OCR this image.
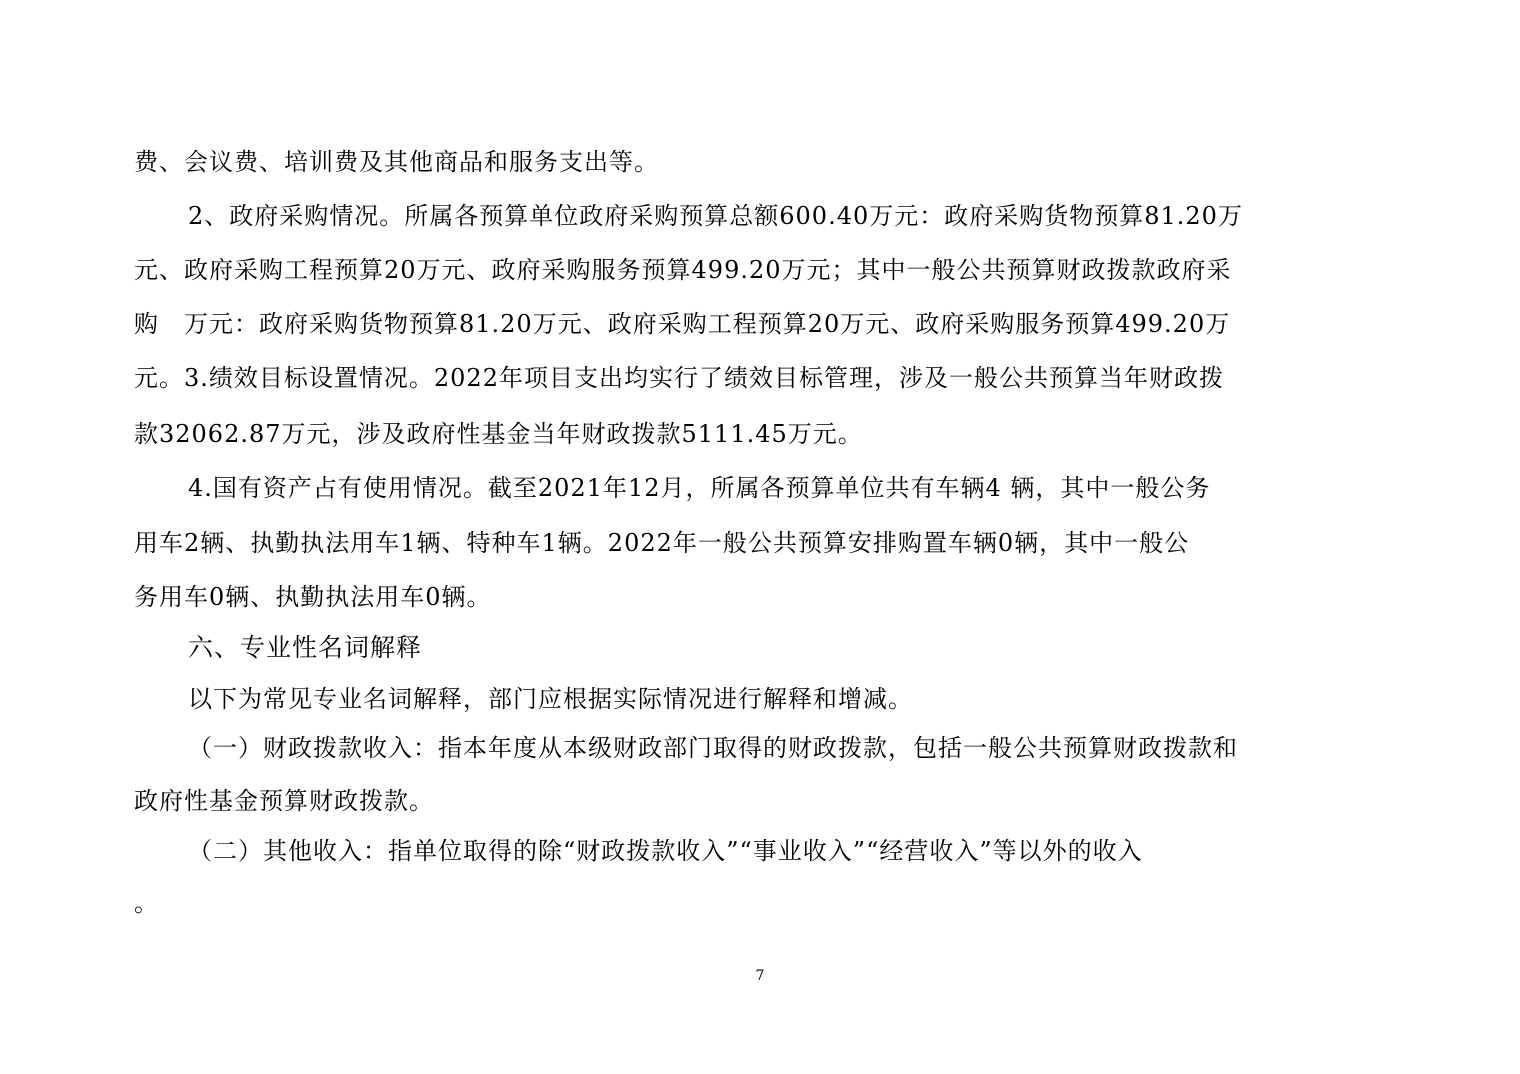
费、会议费、培训费及其他商品和服务支出等。
2、政府采购情况。所属各预算单位政府采购预算总额600.40万元：政府采购货物预算81.20万
元、政府采购工程预算20万元、政府采购服务预算499.20万元；其中一般公共预算财政拨款政府采
购　万元：政府采购货物预算81.20万元、政府采购工程预算20万元、政府采购服务预算499.20万
元。3.绩效目标设置情况。2022年项目支出均实行了绩效目标管理，涉及一般公共预算当年财政拨
款32062.87万元，涉及政府性基金当年财政拨款5111.45万元。
4.国有资产占有使用情况。截至2021年12月，所属各预算单位共有车辆4 辆，其中一般公务
用车2辆、执勤执法用车1辆、特种车1辆。2022年一般公共预算安排购置车辆0辆，其中一般公
务用车0辆、执勤执法用车0辆。
六、专业性名词解释
以下为常见专业名词解释，部门应根据实际情况进行解释和增减。
（一）财政拨款收入：指本年度从本级财政部门取得的财政拨款，包括一般公共预算财政拨款和
政府性基金预算财政拨款。
（二）其他收入：指单位取得的除“财政拨款收入”“事业收入”“经营收入”等以外的收入
。
7
